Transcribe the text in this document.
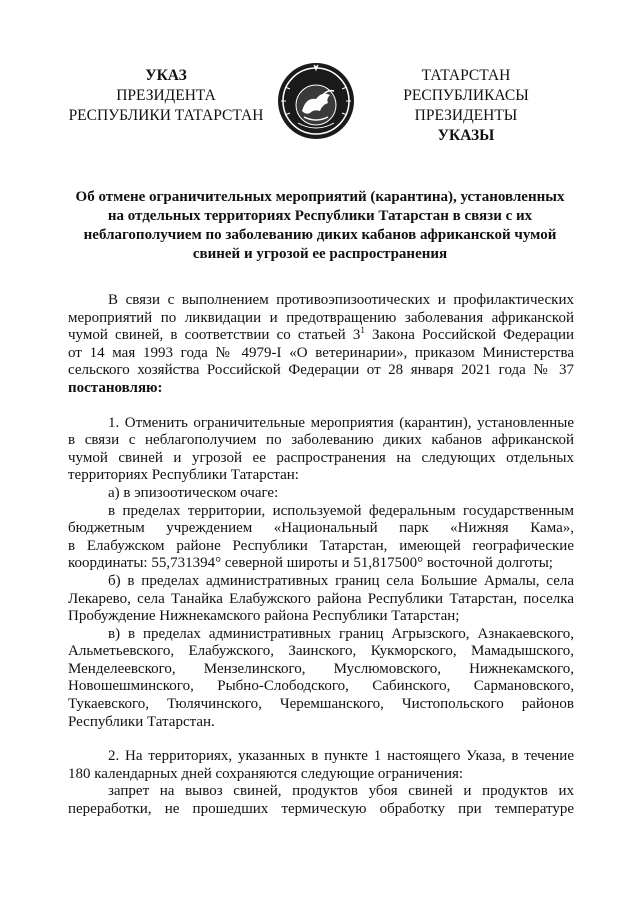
УКАЗ
ПРЕЗИДЕНТА
РЕСПУБЛИКИ ТАТАРСТАН
ТАТАРСТАН РЕСПУБЛИКАСЫ
ПРЕЗИДЕНТЫ
УКАЗЫ
Об отмене ограничительных мероприятий (карантина), установленных
на отдельных территориях Республики Татарстан в связи с их
неблагополучием по заболеванию диких кабанов африканской чумой
свиней и угрозой ее распространения
В связи с выполнением противоэпизоотических и профилактических
мероприятий по ликвидации и предотвращению заболевания африканской
чумой свиней, в соответствии со статьей $3^1$ Закона Российской Федерации
от 14 мая 1993 года № 4979-I «О ветеринарии», приказом Министерства
сельского хозяйства Российской Федерации от 28 января 2021 года № 37
постановляю:
1. Отменить ограничительные мероприятия (карантин), установленные
в связи с неблагополучием по заболеванию диких кабанов африканской
чумой свиней и угрозой ее распространения на следующих отдельных
территориях Республики Татарстан:
а) в эпизоотическом очаге:
в пределах территории, используемой федеральным государственным
бюджетным учреждением «Национальный парк «Нижняя Кама»,
в Елабужском районе Республики Татарстан, имеющей географические
координаты: 55,731394° северной широты и 51,817500° восточной долготы;
б) в пределах административных границ села Большие Армалы, села
Лекарево, села Танайка Елабужского района Республики Татарстан, поселка
Пробуждение Нижнекамского района Республики Татарстан;
в) в пределах административных границ Агрызского, Азнакаевского,
Альметьевского, Елабужского, Заинского, Кукморского, Мамадышского,
Менделеевского, Мензелинского, Муслюмовского, Нижнекамского,
Новошешминского, Рыбно-Слободского, Сабинского, Сармановского,
Тукаевского, Тюлячинского, Черемшанского, Чистопольского районов
Республики Татарстан.
2. На территориях, указанных в пункте 1 настоящего Указа, в течение
180 календарных дней сохраняются следующие ограничения:
запрет на вывоз свиней, продуктов убоя свиней и продуктов их
переработки, не прошедших термическую обработку при температуре
